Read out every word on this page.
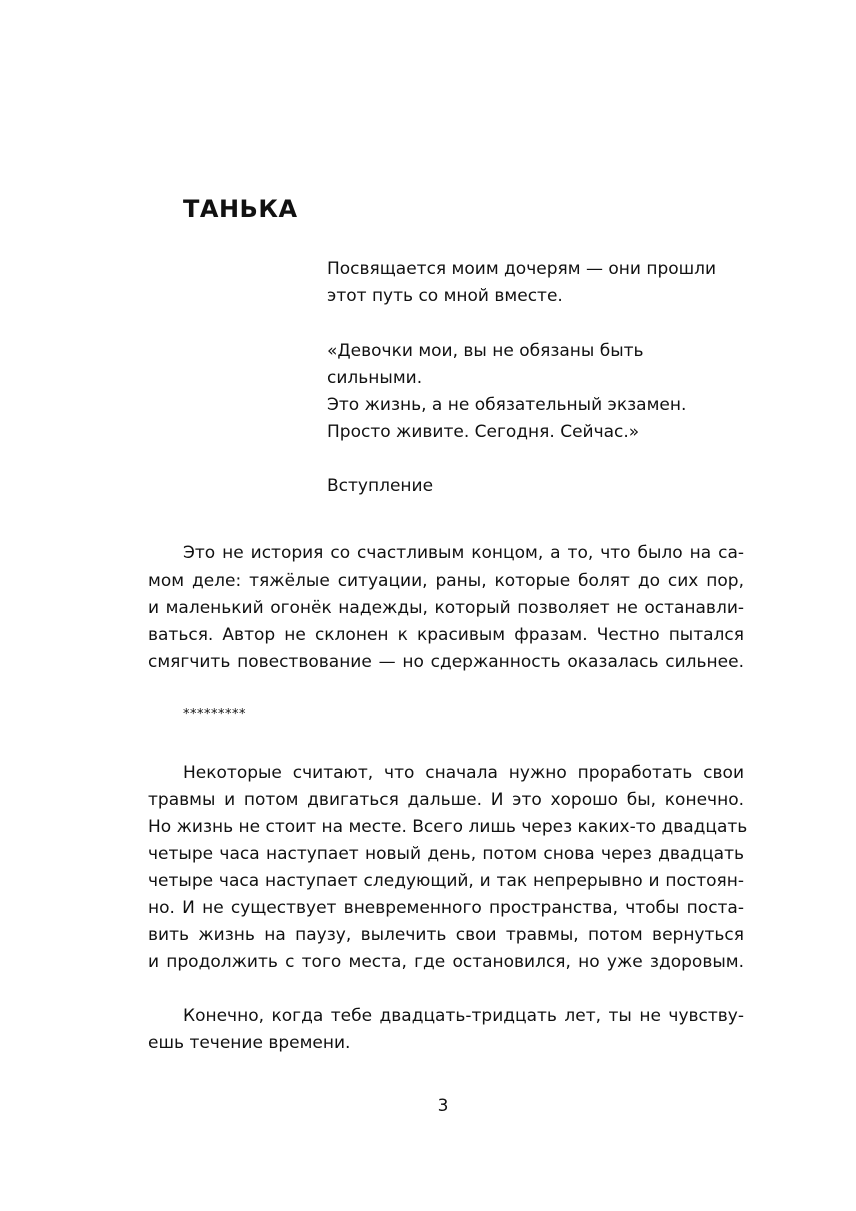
ТАНЬКА
Посвящается моим дочерям — они прошли
этот путь со мной вместе.
«Девочки мои, вы не обязаны быть
сильными.
Это жизнь, а не обязательный экзамен.
Просто живите. Сегодня. Сейчас.»
Вступление
Это не история со счастливым концом, а то, что было на са-
мом деле: тяжёлые ситуации, раны, которые болят до сих пор,
и маленький огонёк надежды, который позволяет не останавли-
ваться. Автор не склонен к красивым фразам. Честно пытался
смягчить повествование — но сдержанность оказалась сильнее.
*********
Некоторые считают, что сначала нужно проработать свои
травмы и потом двигаться дальше. И это хорошо бы, конечно.
Но жизнь не стоит на месте. Всего лишь через каких-то двадцать
четыре часа наступает новый день, потом снова через двадцать
четыре часа наступает следующий, и так непрерывно и постоян-
но. И не существует вневременного пространства, чтобы поста-
вить жизнь на паузу, вылечить свои травмы, потом вернуться
и продолжить с того места, где остановился, но уже здоровым.
Конечно, когда тебе двадцать-тридцать лет, ты не чувству-
ешь течение времени.
3
